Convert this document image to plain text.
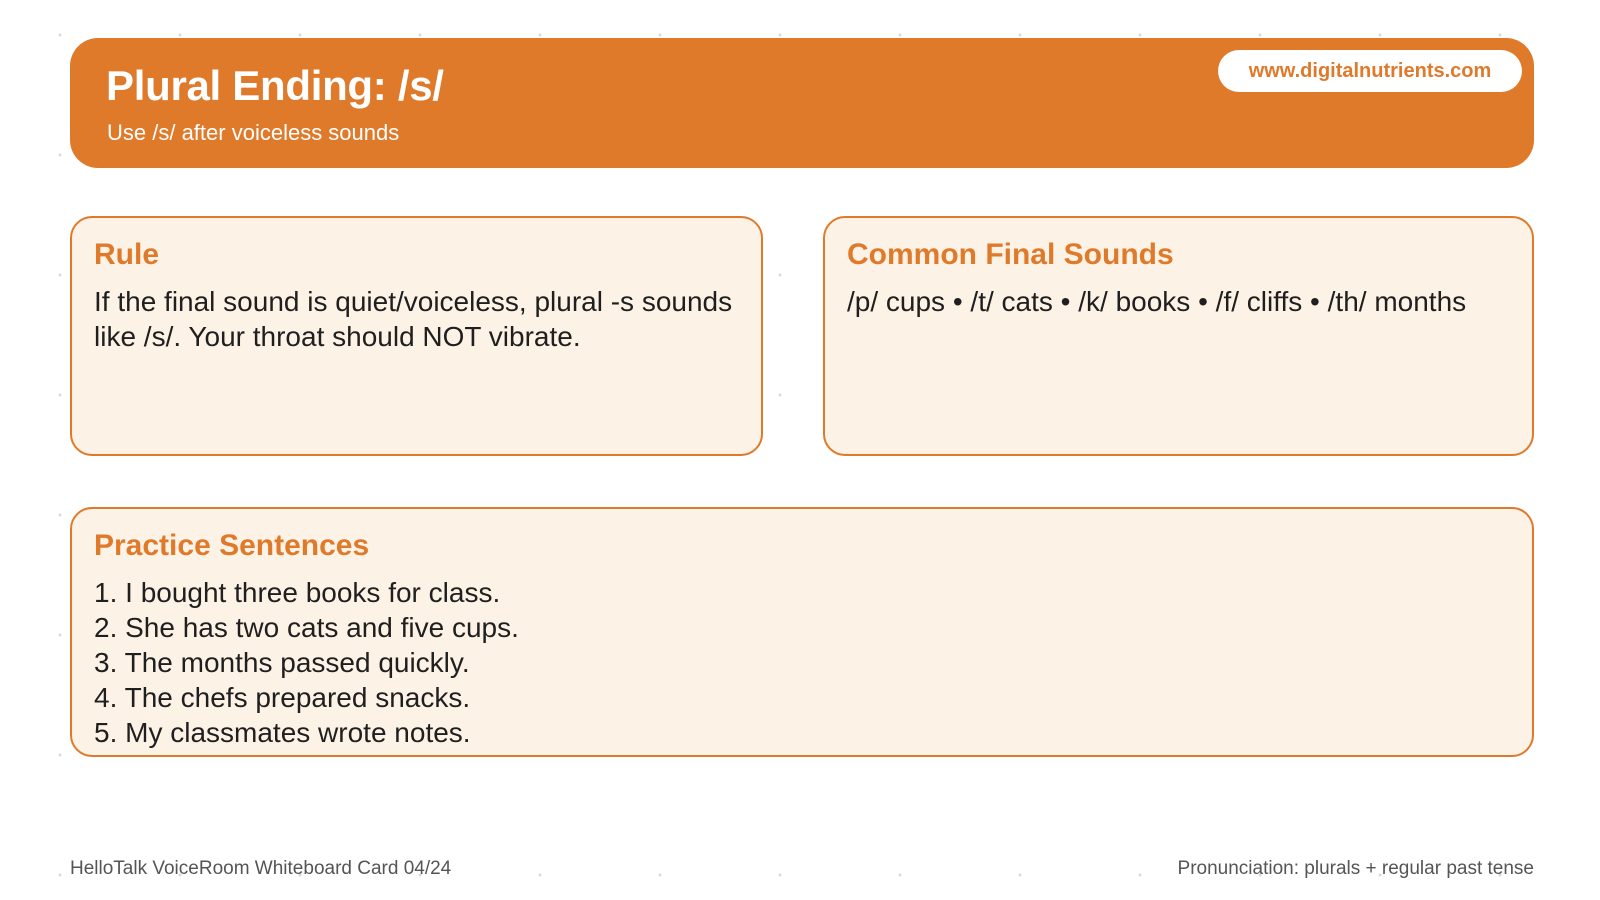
Plural Ending: /s/
Use /s/ after voiceless sounds
www.digitalnutrients.com
Rule
If the final sound is quiet/voiceless, plural -s sounds like /s/. Your throat should NOT vibrate.
Common Final Sounds
/p/ cups • /t/ cats • /k/ books • /f/ cliffs • /th/ months
Practice Sentences
1. I bought three books for class.
2. She has two cats and five cups.
3. The months passed quickly.
4. The chefs prepared snacks.
5. My classmates wrote notes.
HelloTalk VoiceRoom Whiteboard Card 04/24	Pronunciation: plurals + regular past tense
